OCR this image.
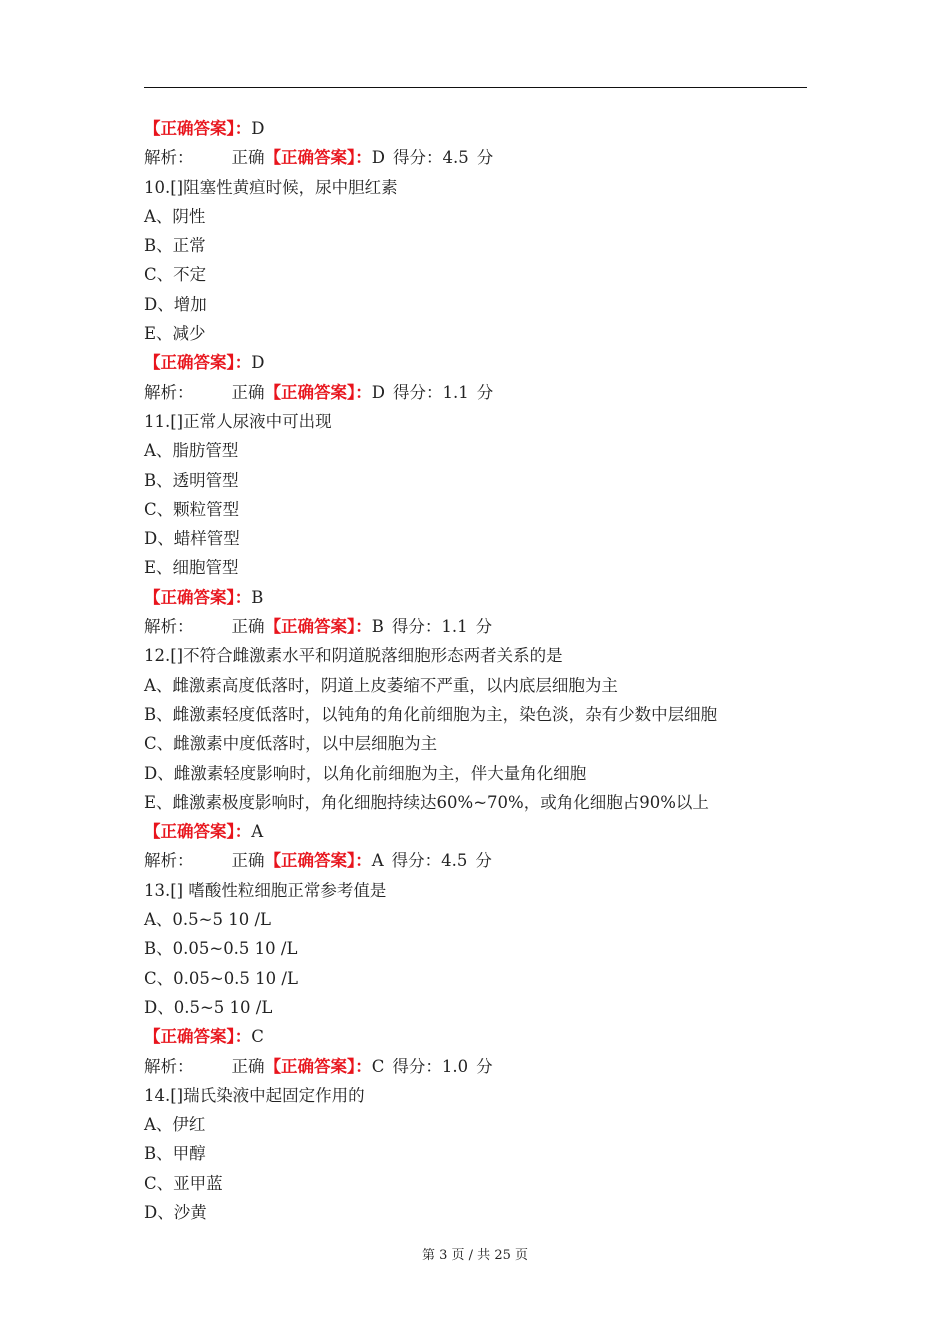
【正确答案】：D
解析： 正确【正确答案】：D 得分：4.5 分
10.[]阻塞性黄疸时候，尿中胆红素
A、阴性
B、正常
C、不定
D、增加
E、减少
【正确答案】：D
解析： 正确【正确答案】：D 得分：1.1 分
11.[]正常人尿液中可出现
A、脂肪管型
B、透明管型
C、颗粒管型
D、蜡样管型
E、细胞管型
【正确答案】：B
解析： 正确【正确答案】：B 得分：1.1 分
12.[]不符合雌激素水平和阴道脱落细胞形态两者关系的是
A、雌激素高度低落时，阴道上皮萎缩不严重，以内底层细胞为主
B、雌激素轻度低落时，以钝角的角化前细胞为主，染色淡，杂有少数中层细胞
C、雌激素中度低落时，以中层细胞为主
D、雌激素轻度影响时，以角化前细胞为主，伴大量角化细胞
E、雌激素极度影响时，角化细胞持续达60%~70%，或角化细胞占90%以上
【正确答案】：A
解析： 正确【正确答案】：A 得分：4.5 分
13.[] 嗜酸性粒细胞正常参考值是
A、0.5~5 10 /L
B、0.05~0.5 10 /L
C、0.05~0.5 10 /L
D、0.5~5 10 /L
【正确答案】：C
解析： 正确【正确答案】：C 得分：1.0 分
14.[]瑞氏染液中起固定作用的
A、伊红
B、甲醇
C、亚甲蓝
D、沙黄
第 3 页 / 共 25 页
